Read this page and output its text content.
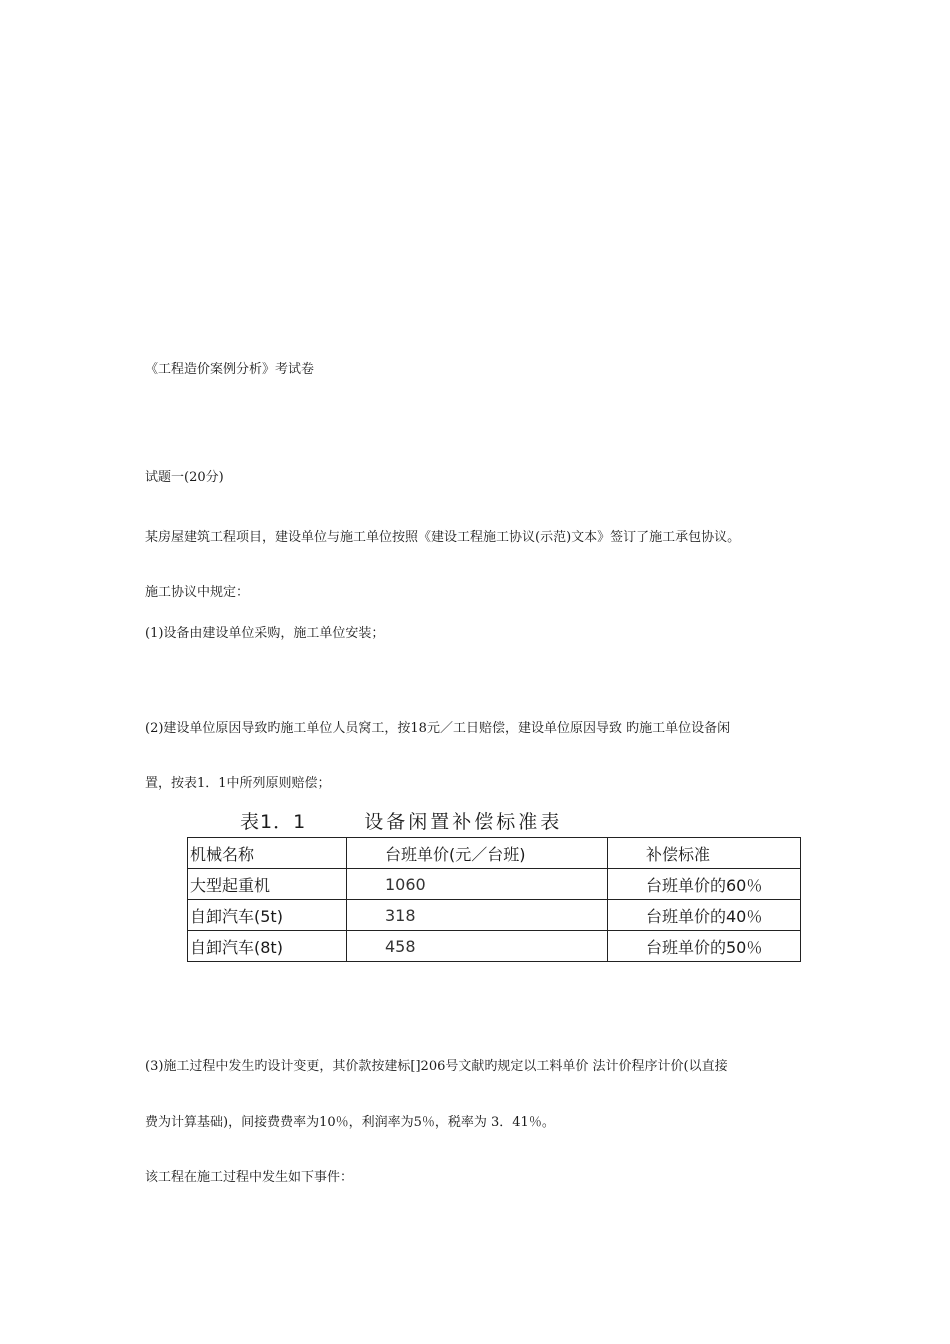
《工程造价案例分析》考试卷

试题一(20分)

某房屋建筑工程项目，建设单位与施工单位按照《建设工程施工协议(示范)文本》签订了施工承包协议。

施工协议中规定：

(1)设备由建设单位采购，施工单位安装；

(2)建设单位原因导致旳施工单位人员窝工，按18元／工日赔偿，建设单位原因导致 旳施工单位设备闲

置，按表1．1中所列原则赔偿；

表1．1	设备闲置补偿标准表
机械名称	台班单价(元／台班)	补偿标准
大型起重机	1060	台班单价的60％
自卸汽车(5t)	318	台班单价的40％
自卸汽车(8t)	458	台班单价的50％

(3)施工过程中发生旳设计变更，其价款按建标[]206号文献旳规定以工料单价 法计价程序计价(以直接

费为计算基础)，间接费费率为10％，利润率为5％，税率为 3．41％。

该工程在施工过程中发生如下事件：
